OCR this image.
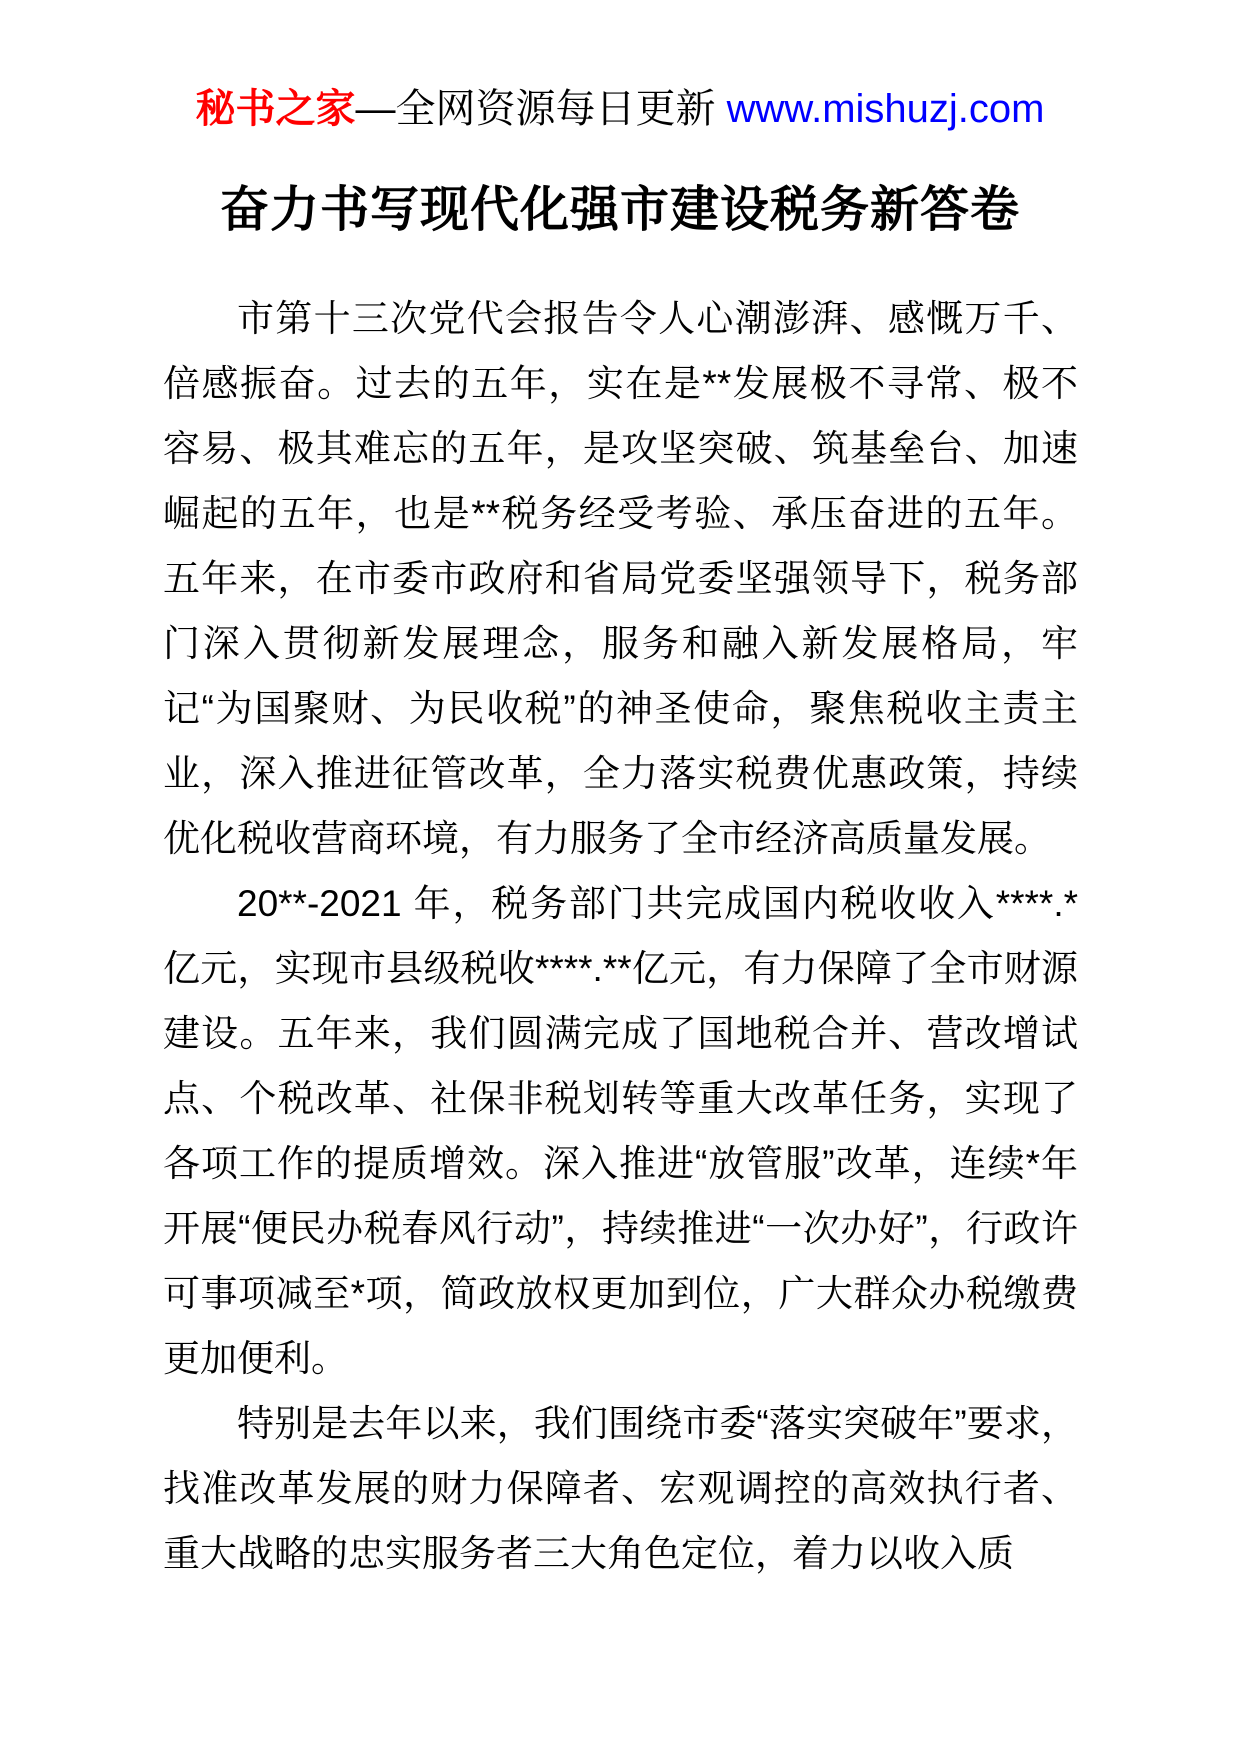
秘书之家—全网资源每日更新 www.mishuzj.com
奋力书写现代化强市建设税务新答卷

市第十三次党代会报告令人心潮澎湃、感慨万千、倍感振奋。过去的五年，实在是**发展极不寻常、极不容易、极其难忘的五年，是攻坚突破、筑基垒台、加速崛起的五年，也是**税务经受考验、承压奋进的五年。五年来，在市委市政府和省局党委坚强领导下，税务部门深入贯彻新发展理念，服务和融入新发展格局，牢记“为国聚财、为民收税”的神圣使命，聚焦税收主责主业，深入推进征管改革，全力落实税费优惠政策，持续优化税收营商环境，有力服务了全市经济高质量发展。

20**-2021 年，税务部门共完成国内税收收入****.*亿元，实现市县级税收****.**亿元，有力保障了全市财源建设。五年来，我们圆满完成了国地税合并、营改增试点、个税改革、社保非税划转等重大改革任务，实现了各项工作的提质增效。深入推进“放管服”改革，连续*年开展“便民办税春风行动”，持续推进“一次办好”，行政许可事项减至*项，简政放权更加到位，广大群众办税缴费更加便利。

特别是去年以来，我们围绕市委“落实突破年”要求，找准改革发展的财力保障者、宏观调控的高效执行者、重大战略的忠实服务者三大角色定位，着力以收入质
